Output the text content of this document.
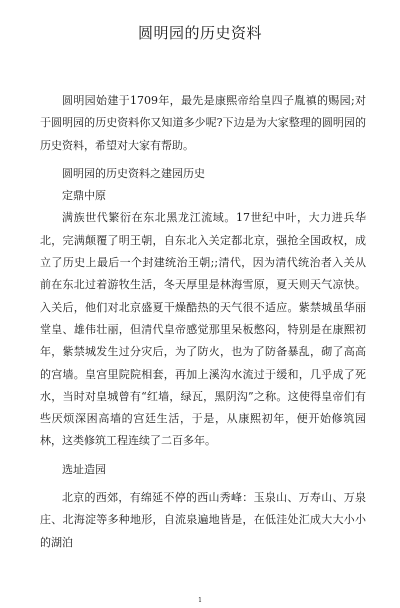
圆明园的历史资料

圆明园始建于1709年，最先是康熙帝给皇四子胤禛的赐园;对于圆明园的历史资料你又知道多少呢?下边是为大家整理的圆明园的历史资料，希望对大家有帮助。

圆明园的历史资料之建园历史

定鼎中原

满族世代繁衍在东北黑龙江流域。17世纪中叶，大力进兵华北，完满颠覆了明王朝，自东北入关定都北京，强抢全国政权，成立了历史上最后一个封建统治王朝;;清代，因为清代统治者入关从前在东北过着游牧生活，冬天厚里是林海雪原，夏天则天气凉快。入关后，他们对北京盛夏干燥酷热的天气很不适应。紫禁城虽华丽堂皇、雄伟壮丽，但清代皇帝感觉那里呆板憋闷，特别是在康熙初年，紫禁城发生过分灾后，为了防火，也为了防备暴乱，砌了高高的宫墙。皇宫里院院相套，再加上溪沟水流过于缓和，几乎成了死水，当时对皇城曾有“红墙，绿瓦，黑阴沟”之称。这使得皇帝们有些厌烦深困高墙的宫廷生活，于是，从康熙初年，便开始修筑园林，这类修筑工程连续了二百多年。

选址造园

北京的西郊，有绵延不停的西山秀峰：玉泉山、万寿山、万泉庄、北海淀等多种地形，自流泉遍地皆是，在低洼处汇成大大小小的湖泊

1
